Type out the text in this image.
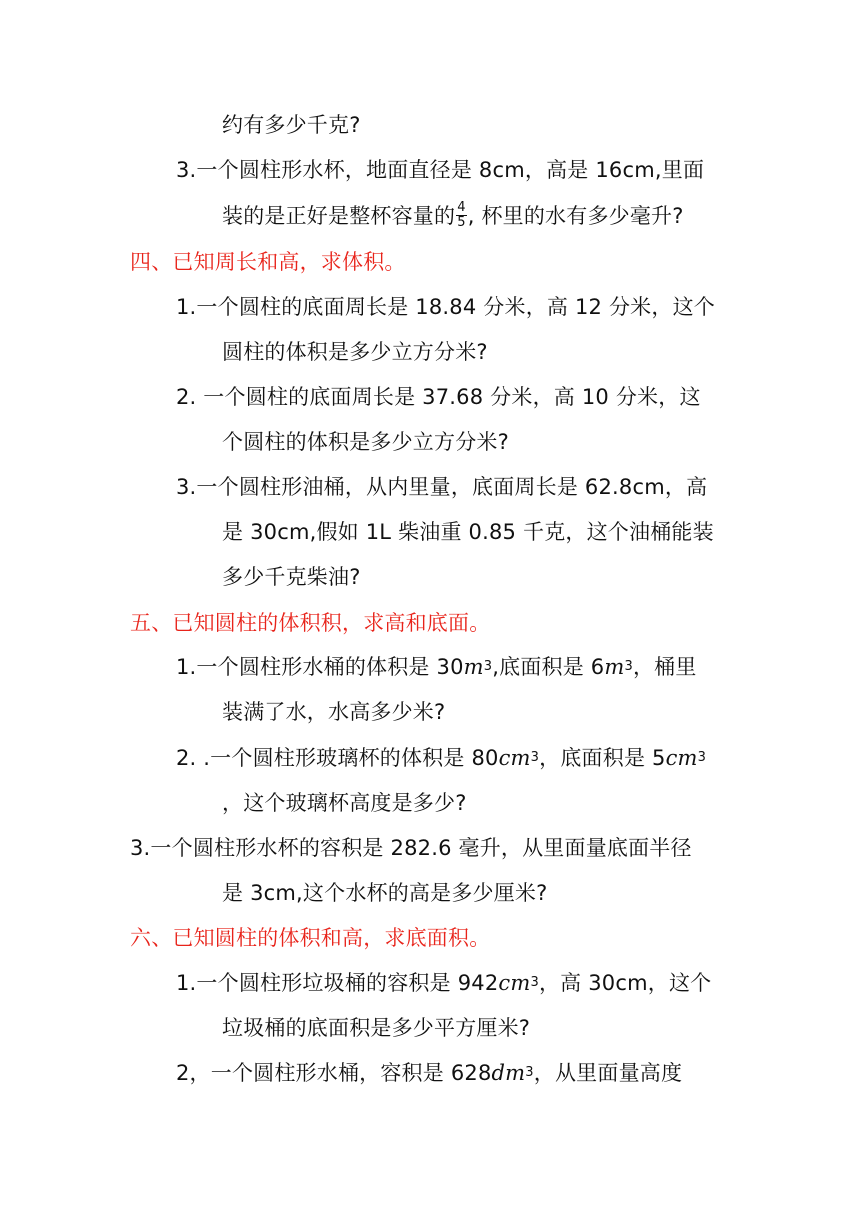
约有多少千克?
3.一个圆柱形水杯，地面直径是 8cm，高是 16cm,里面
装的是正好是整杯容量的 $\frac{4}{5}$ , 杯里的水有多少毫升?
四、已知周长和高，求体积。
1.一个圆柱的底面周长是 18.84 分米，高 12 分米，这个
圆柱的体积是多少立方分米?
2. 一个圆柱的底面周长是 37.68 分米，高 10 分米，这
个圆柱的体积是多少立方分米?
3.一个圆柱形油桶，从内里量，底面周长是 62.8cm，高
是 30cm,假如 1L 柴油重 0.85 千克，这个油桶能装
多少千克柴油?
五、已知圆柱的体积积，求高和底面。
1.一个圆柱形水桶的体积是 $30m^3$,底面积是 $6m^3$，桶里
装满了水，水高多少米?
2. .一个圆柱形玻璃杯的体积是 $80cm^3$，底面积是 $5cm^3$
，这个玻璃杯高度是多少?
3.一个圆柱形水杯的容积是 282.6 毫升，从里面量底面半径
是 3cm,这个水杯的高是多少厘米?
六、已知圆柱的体积和高，求底面积。
1.一个圆柱形垃圾桶的容积是 $942cm^3$，高 30cm，这个
垃圾桶的底面积是多少平方厘米?
2，一个圆柱形水桶，容积是 $628dm^3$，从里面量高度
